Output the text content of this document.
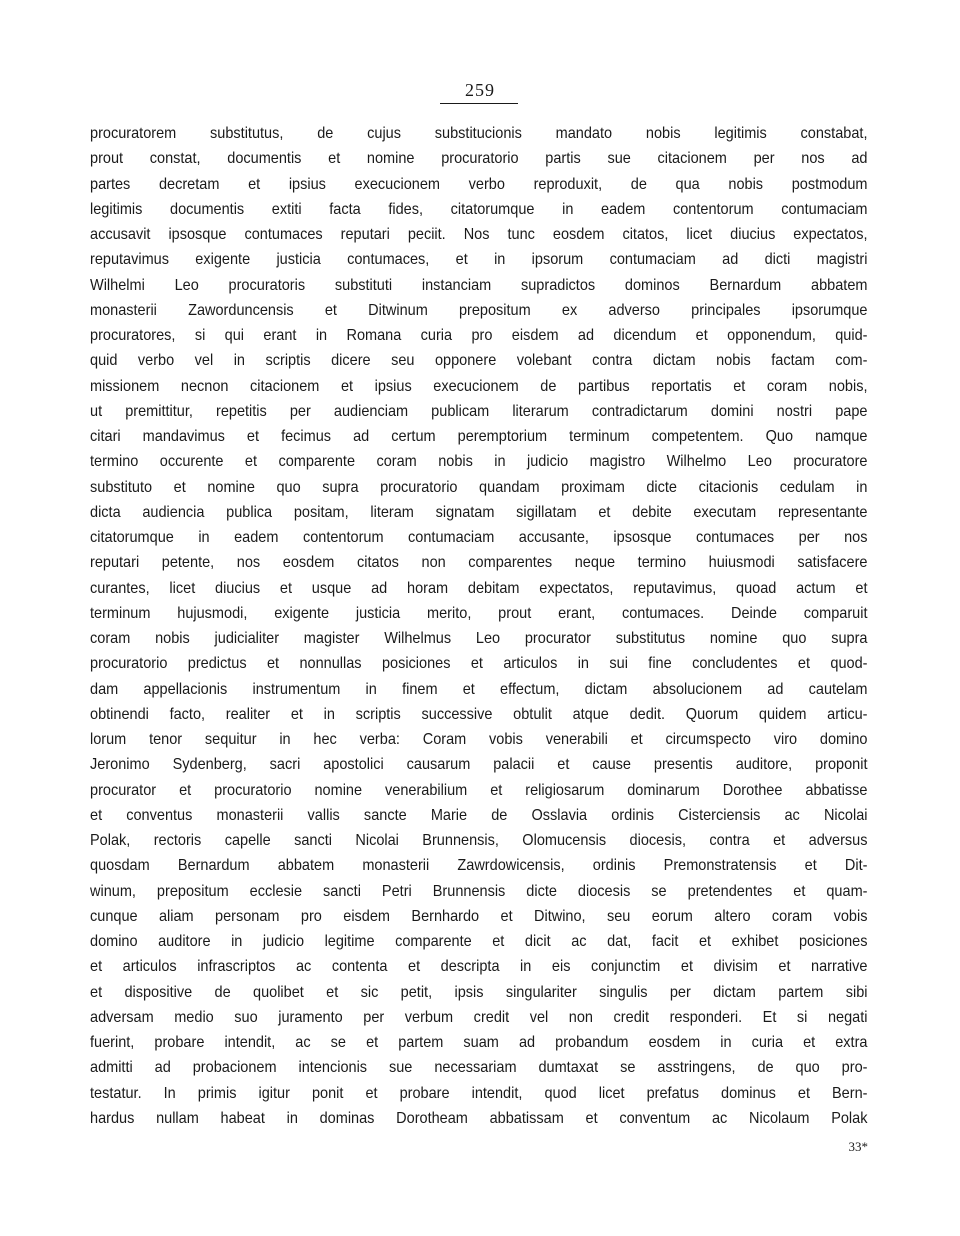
259
procuratorem substitutus, de cujus substitucionis mandato nobis legitimis constabat,
prout constat, documentis et nomine procuratorio partis sue citacionem per nos ad
partes decretam et ipsius execucionem verbo reproduxit, de qua nobis postmodum
legitimis documentis extiti facta fides, citatorumque in eadem contentorum contumaciam
accusavit ipsosque contumaces reputari peciit. Nos tunc eosdem citatos, licet diucius expectatos,
reputavimus exigente justicia contumaces, et in ipsorum contumaciam ad dicti magistri
Wilhelmi Leo procuratoris substituti instanciam supradictos dominos Bernardum abbatem
monasterii Zaworduncensis et Ditwinum prepositum ex adverso principales ipsorumque
procuratores, si qui erant in Romana curia pro eisdem ad dicendum et opponendum, quid-
quid verbo vel in scriptis dicere seu opponere volebant contra dictam nobis factam com-
missionem necnon citacionem et ipsius execucionem de partibus reportatis et coram nobis,
ut premittitur, repetitis per audienciam publicam literarum contradictarum domini nostri pape
citari mandavimus et fecimus ad certum peremptorium terminum competentem. Quo namque
termino occurente et comparente coram nobis in judicio magistro Wilhelmo Leo procuratore
substituto et nomine quo supra procuratorio quandam proximam dicte citacionis cedulam in
dicta audiencia publica positam, literam signatam sigillatam et debite executam representante
citatorumque in eadem contentorum contumaciam accusante, ipsosque contumaces per nos
reputari petente, nos eosdem citatos non comparentes neque termino huiusmodi satisfacere
curantes, licet diucius et usque ad horam debitam expectatos, reputavimus, quoad actum et
terminum hujusmodi, exigente justicia merito, prout erant, contumaces. Deinde comparuit
coram nobis judicialiter magister Wilhelmus Leo procurator substitutus nomine quo supra
procuratorio predictus et nonnullas posiciones et articulos in sui fine concludentes et quod-
dam appellacionis instrumentum in finem et effectum, dictam absolucionem ad cautelam
obtinendi facto, realiter et in scriptis successive obtulit atque dedit. Quorum quidem articu-
lorum tenor sequitur in hec verba: Coram vobis venerabili et circumspecto viro domino
Jeronimo Sydenberg, sacri apostolici causarum palacii et cause presentis auditore, proponit
procurator et procuratorio nomine venerabilium et religiosarum dominarum Dorothee abbatisse
et conventus monasterii vallis sancte Marie de Osslavia ordinis Cisterciensis ac Nicolai
Polak, rectoris capelle sancti Nicolai Brunnensis, Olomucensis diocesis, contra et adversus
quosdam Bernardum abbatem monasterii Zawrdowicensis, ordinis Premonstratensis et Dit-
winum, prepositum ecclesie sancti Petri Brunnensis dicte diocesis se pretendentes et quam-
cunque aliam personam pro eisdem Bernhardo et Ditwino, seu eorum altero coram vobis
domino auditore in judicio legitime comparente et dicit ac dat, facit et exhibet posiciones
et articulos infrascriptos ac contenta et descripta in eis conjunctim et divisim et narrative
et dispositive de quolibet et sic petit, ipsis singulariter singulis per dictam partem sibi
adversam medio suo juramento per verbum credit vel non credit responderi. Et si negati
fuerint, probare intendit, ac se et partem suam ad probandum eosdem in curia et extra
admitti ad probacionem intencionis sue necessariam dumtaxat se asstringens, de quo pro-
testatur. In primis igitur ponit et probare intendit, quod licet prefatus dominus et Bern-
hardus nullam habeat in dominas Dorotheam abbatissam et conventum ac Nicolaum Polak
33*
